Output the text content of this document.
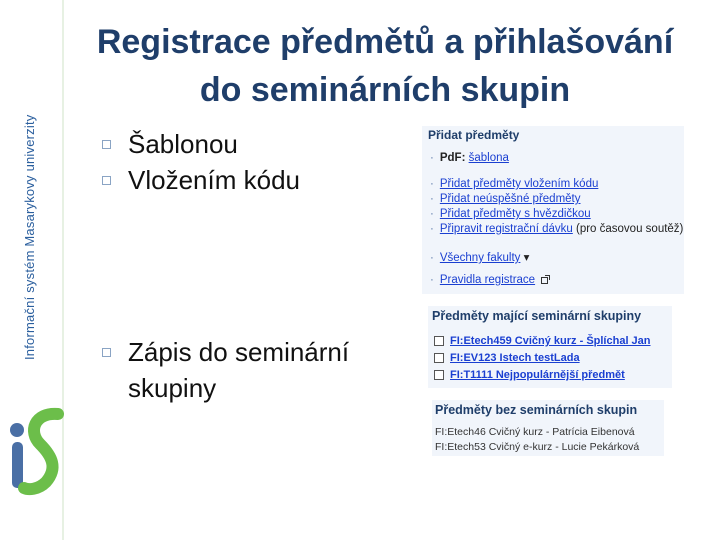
Informační systém Masarykovy univerzity
Registrace předmětů a přihlašování
do seminárních skupin
Šablonou
Vložením kódu
Zápis do seminární skupiny
Přidat předměty
· PdF: šablona
· Přidat předměty vložením kódu
· Přidat neúspěšné předměty
· Přidat předměty s hvězdičkou
· Připravit registrační dávku (pro časovou soutěž)
· Všechny fakulty ▾
· Pravidla registrace
Předměty mající seminární skupiny
FI:Etech459 Cvičný kurz - Šplíchal Jan
FI:EV123 Istech testLada
FI:T1111 Nejpopulárnější předmět
Předměty bez seminárních skupin
FI:Etech46 Cvičný kurz - Patrícia Eibenová
FI:Etech53 Cvičný e-kurz - Lucie Pekárková
